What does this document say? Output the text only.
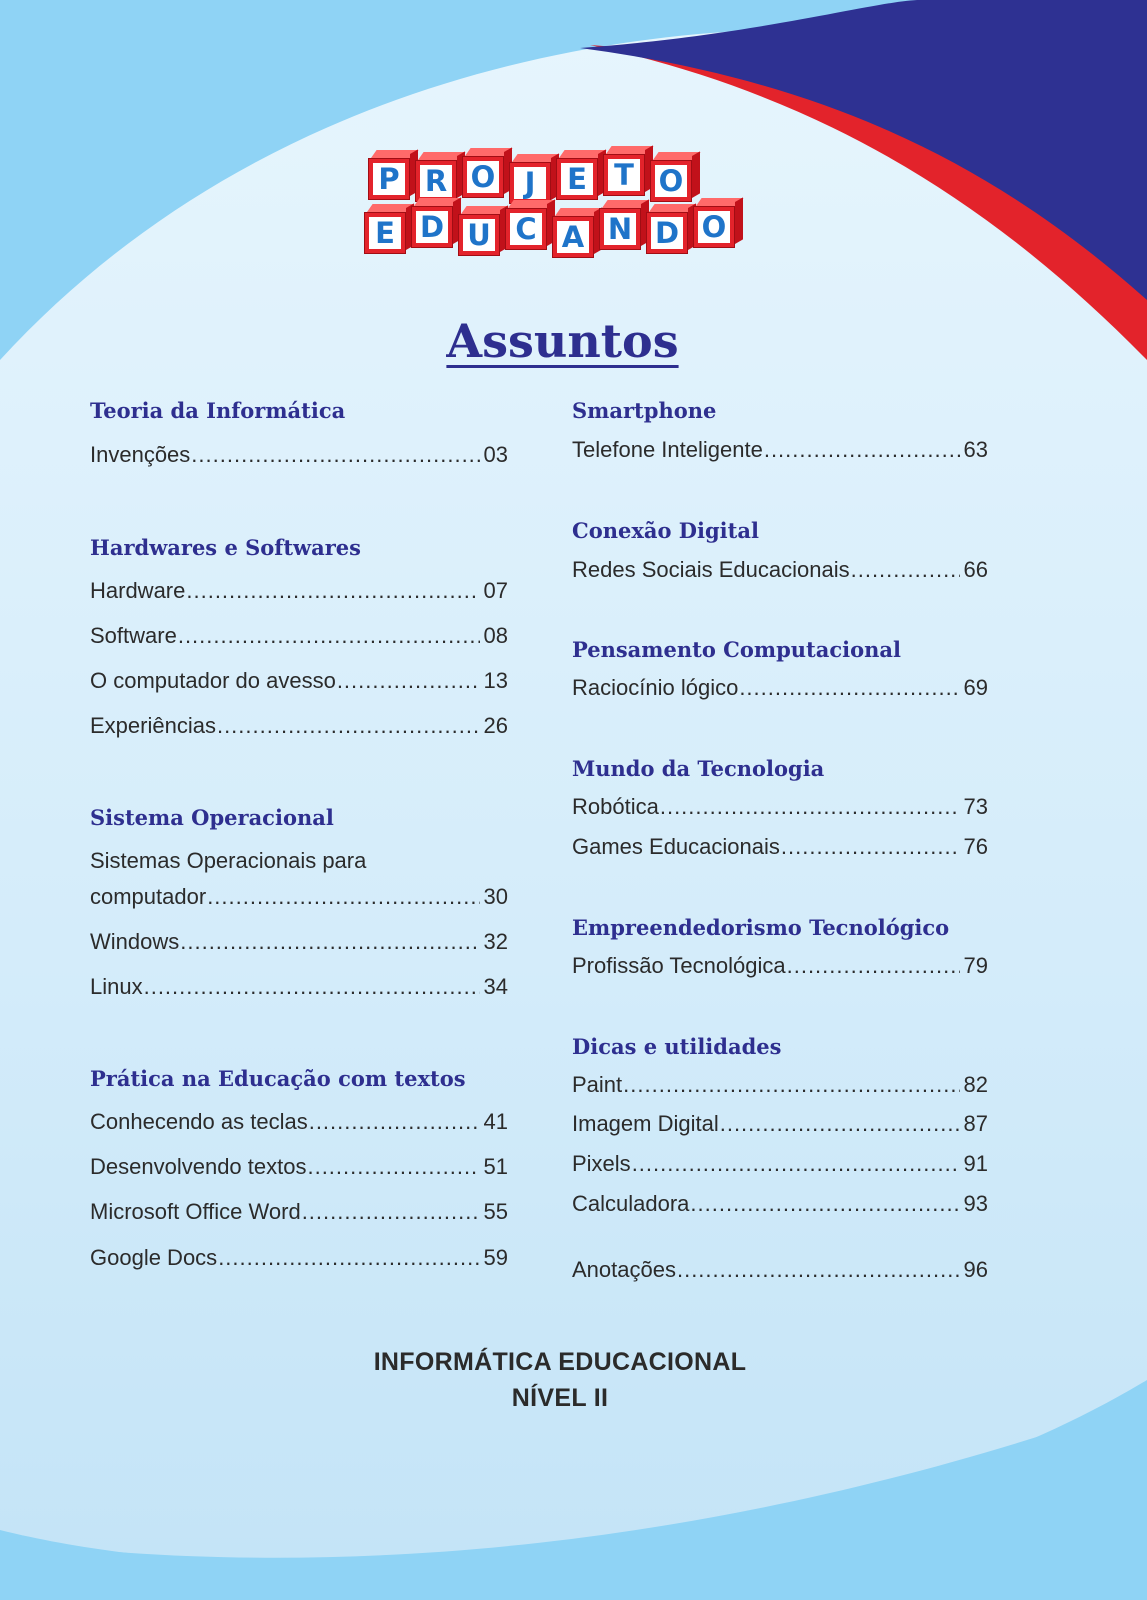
P R O	J	E T O
E D U C A N D O
Assuntos
Teoria da Informática
Invenções .....	03
Hardwares e Softwares
Hardware .....	07
Software .....	08
O computador do avesso .....	13
Experiências .....	26
Sistema Operacional
Sistemas Operacionais para
computador .....	30
Windows .....	32
Linux .....	34
Prática na Educação com textos
Conhecendo as teclas .....	41
Desenvolvendo textos .....	51
Microsoft Office Word .....	55
Google Docs .....	59
Smartphone
Telefone Inteligente .....	63
Conexão Digital
Redes Sociais Educacionais .....	66
Pensamento Computacional
Raciocínio lógico .....	69
Mundo da Tecnologia
Robótica .....	73
Games Educacionais .....	76
Empreendedorismo Tecnológico
Profissão Tecnológica .....	79
Dicas e utilidades
Paint .....	82
Imagem Digital .....	87
Pixels .....	91
Calculadora .....	93
Anotações .....	96
INFORMÁTICA EDUCACIONAL
NÍVEL II
